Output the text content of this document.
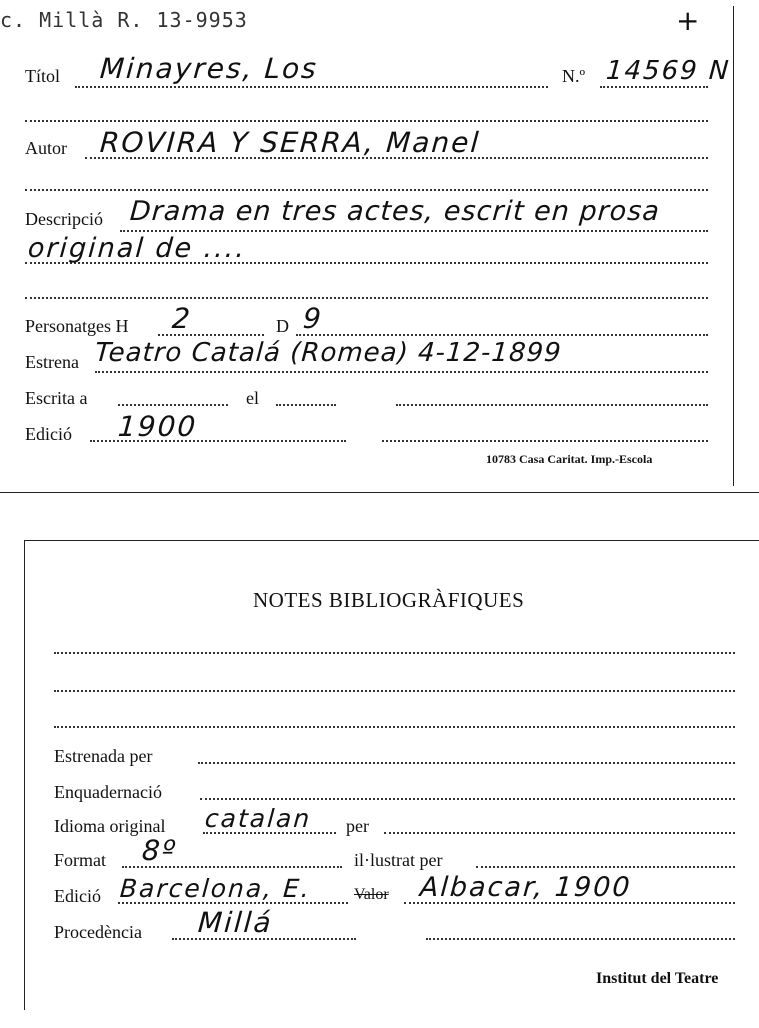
c. Millà R. 13-9953	+
Títol Minayres, Los	N.º 14569 N
Autor ROVIRA Y SERRA, Manel
Descripció Drama en tres actes, escrit en prosa
original de ....
Personatges H 2	D 9
Estrena Teatro Catalá (Romea) 4-12-1899
Escrita a	el
Edició 1900
10783 Casa Caritat. Imp.-Escola
NOTES BIBLIOGRÀFIQUES
Estrenada per
Enquadernació
Idioma original catalan per
Format 8º	il·lustrat per
Edició Barcelona, E.	Valor Albacar, 1900
Procedència Millá
Institut del Teatre
